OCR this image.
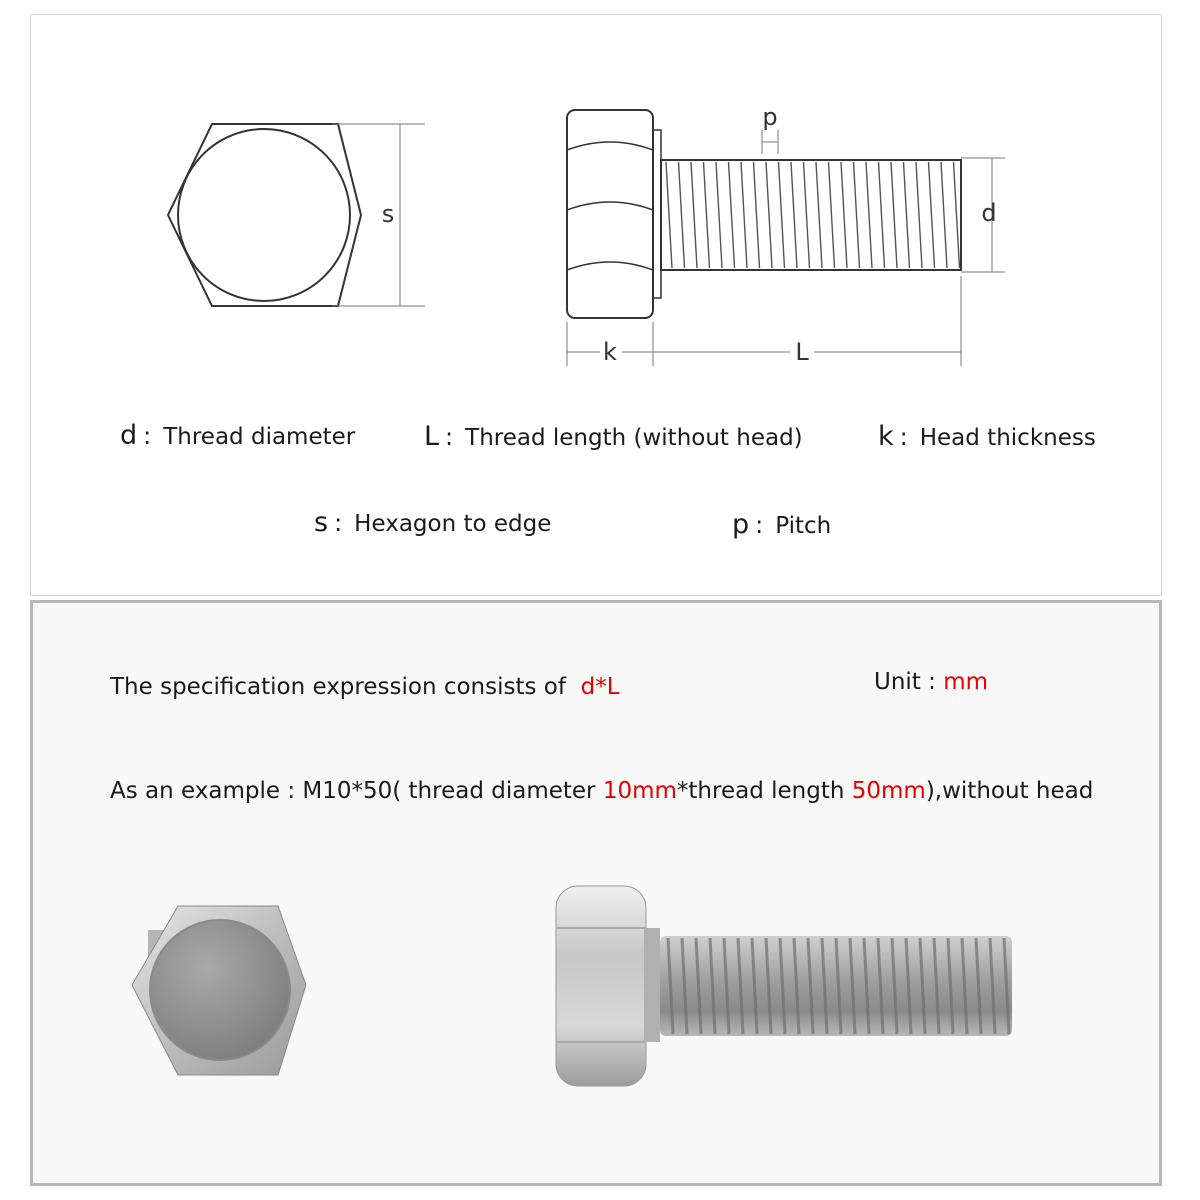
s
p
d
k	L
d : Thread diameter	L : Thread length (without head)	k : Head thickness
s : Hexagon to edge	p : Pitch
The specification expression consists of d*L	Unit : mm
As an example : M10*50( thread diameter 10mm*thread length 50mm),without head
